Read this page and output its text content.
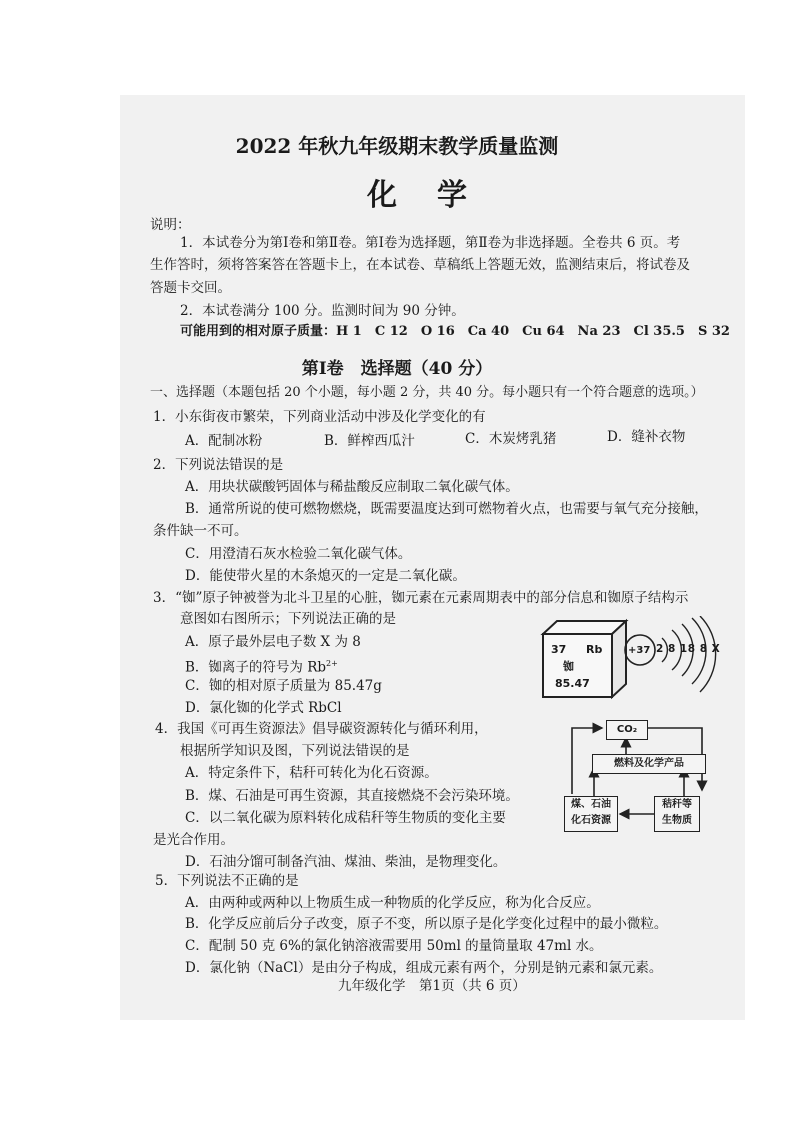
2022 年秋九年级期末教学质量监测
化学
说明：
1．本试卷分为第Ⅰ卷和第Ⅱ卷。第Ⅰ卷为选择题，第Ⅱ卷为非选择题。全卷共 6 页。考
生作答时，须将答案答在答题卡上，在本试卷、草稿纸上答题无效，监测结束后，将试卷及
答题卡交回。
2．本试卷满分 100 分。监测时间为 90 分钟。
可能用到的相对原子质量：H 1　C 12　O 16　Ca 40　Cu 64　Na 23　Cl 35.5　S 32
第Ⅰ卷　选择题（40 分）
一、选择题（本题包括 20 个小题，每小题 2 分，共 40 分。每小题只有一个符合题意的选项。）
1．小东街夜市繁荣，下列商业活动中涉及化学变化的有
A．配制冰粉	B．鲜榨西瓜汁	C．木炭烤乳猪	D．缝补衣物
2．下列说法错误的是
A．用块状碳酸钙固体与稀盐酸反应制取二氧化碳气体。
B．通常所说的使可燃物燃烧，既需要温度达到可燃物着火点，也需要与氧气充分接触，
条件缺一不可。
C．用澄清石灰水检验二氧化碳气体。
D．能使带火星的木条熄灭的一定是二氧化碳。
3．“铷”原子钟被誉为北斗卫星的心脏，铷元素在元素周期表中的部分信息和铷原子结构示
意图如右图所示；下列说法正确的是
A．原子最外层电子数 X 为 8
B．铷离子的符号为 $Rb^{2+}$
C．铷的相对原子质量为 85.47g
D．氯化铷的化学式 RbCl
37 Rb
铷
85.47
+37 2 8 18 8 X
4．我国《可再生资源法》倡导碳资源转化与循环利用，
根据所学知识及图，下列说法错误的是
A．特定条件下，秸秆可转化为化石资源。
B．煤、石油是可再生资源，其直接燃烧不会污染环境。
C．以二氧化碳为原料转化成秸秆等生物质的变化主要
是光合作用。
D．石油分馏可制备汽油、煤油、柴油，是物理变化。
CO₂
燃料及化学产品
煤、石油
化石资源
秸秆等
生物质
5．下列说法不正确的是
A．由两种或两种以上物质生成一种物质的化学反应，称为化合反应。
B．化学反应前后分子改变，原子不变，所以原子是化学变化过程中的最小微粒。
C．配制 50 克 6%的氯化钠溶液需要用 50ml 的量筒量取 47ml 水。
D．氯化钠（NaCl）是由分子构成，组成元素有两个，分别是钠元素和氯元素。
九年级化学　第1页（共 6 页）
